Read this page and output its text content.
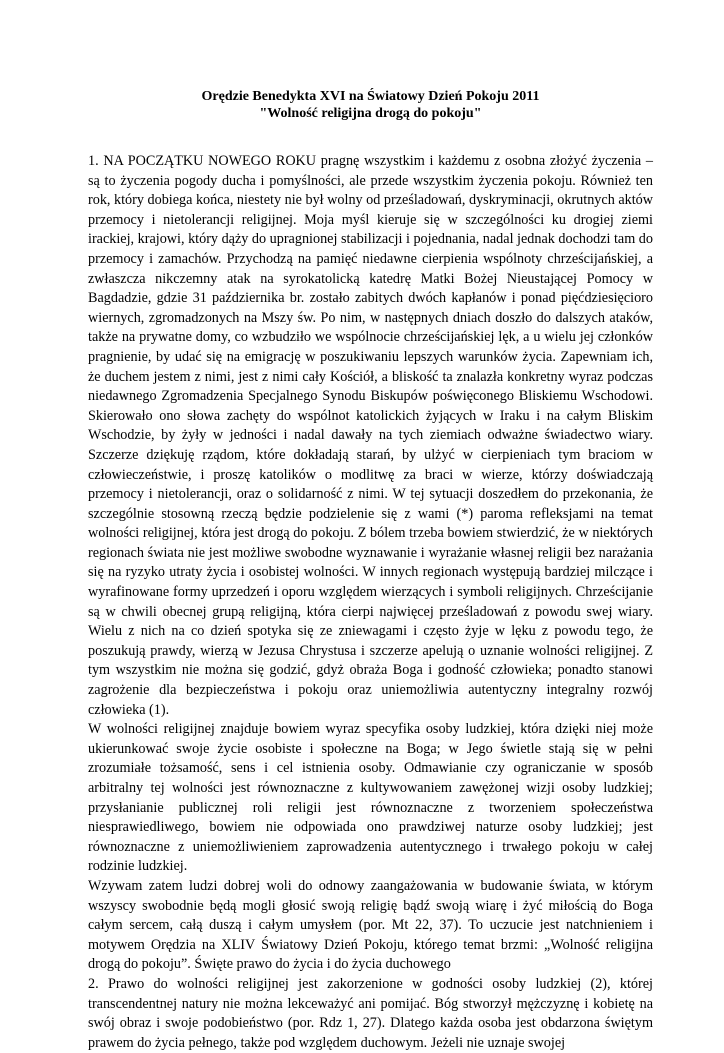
Orędzie Benedykta XVI na Światowy Dzień Pokoju 2011

"Wolność religijna drogą do pokoju"

1. NA POCZĄTKU NOWEGO ROKU pragnę wszystkim i każdemu z osobna złożyć życzenia – są to życzenia pogody ducha i pomyślności, ale przede wszystkim życzenia pokoju. Również ten rok, który dobiega końca, niestety nie był wolny od prześladowań, dyskryminacji, okrutnych aktów przemocy i nietolerancji religijnej. Moja myśl kieruje się w szczególności ku drogiej ziemi irackiej, krajowi, który dąży do upragnionej stabilizacji i pojednania, nadal jednak dochodzi tam do przemocy i zamachów. Przychodzą na pamięć niedawne cierpienia wspólnoty chrześcijańskiej, a zwłaszcza nikczemny atak na syrokatolicką katedrę Matki Bożej Nieustającej Pomocy w Bagdadzie, gdzie 31 października br. zostało zabitych dwóch kapłanów i ponad pięćdziesięcioro wiernych, zgromadzonych na Mszy św. Po nim, w następnych dniach doszło do dalszych ataków, także na prywatne domy, co wzbudziło we wspólnocie chrześcijańskiej lęk, a u wielu jej członków pragnienie, by udać się na emigrację w poszukiwaniu lepszych warunków życia. Zapewniam ich, że duchem jestem z nimi, jest z nimi cały Kościół, a bliskość ta znalazła konkretny wyraz podczas niedawnego Zgromadzenia Specjalnego Synodu Biskupów poświęconego Bliskiemu Wschodowi. Skierowało ono słowa zachęty do wspólnot katolickich żyjących w Iraku i na całym Bliskim Wschodzie, by żyły w jedności i nadal dawały na tych ziemiach odważne świadectwo wiary. Szczerze dziękuję rządom, które dokładają starań, by ulżyć w cierpieniach tym braciom w człowieczeństwie, i proszę katolików o modlitwę za braci w wierze, którzy doświadczają przemocy i nietolerancji, oraz o solidarność z nimi. W tej sytuacji doszedłem do przekonania, że szczególnie stosowną rzeczą będzie podzielenie się z wami (*) paroma refleksjami na temat wolności religijnej, która jest drogą do pokoju. Z bólem trzeba bowiem stwierdzić, że w niektórych regionach świata nie jest możliwe swobodne wyznawanie i wyrażanie własnej religii bez narażania się na ryzyko utraty życia i osobistej wolności. W innych regionach występują bardziej milczące i wyrafinowane formy uprzedzeń i oporu względem wierzących i symboli religijnych. Chrześcijanie są w chwili obecnej grupą religijną, która cierpi najwięcej prześladowań z powodu swej wiary. Wielu z nich na co dzień spotyka się ze zniewagami i często żyje w lęku z powodu tego, że poszukują prawdy, wierzą w Jezusa Chrystusa i szczerze apelują o uznanie wolności religijnej. Z tym wszystkim nie można się godzić, gdyż obraża Boga i godność człowieka; ponadto stanowi zagrożenie dla bezpieczeństwa i pokoju oraz uniemożliwia autentyczny integralny rozwój człowieka (1).

W wolności religijnej znajduje bowiem wyraz specyfika osoby ludzkiej, która dzięki niej może ukierunkować swoje życie osobiste i społeczne na Boga; w Jego świetle stają się w pełni zrozumiałe tożsamość, sens i cel istnienia osoby. Odmawianie czy ograniczanie w sposób arbitralny tej wolności jest równoznaczne z kultywowaniem zawężonej wizji osoby ludzkiej; przysłanianie publicznej roli religii jest równoznaczne z tworzeniem społeczeństwa niesprawiedliwego, bowiem nie odpowiada ono prawdziwej naturze osoby ludzkiej; jest równoznaczne z uniemożliwieniem zaprowadzenia autentycznego i trwałego pokoju w całej rodzinie ludzkiej.

Wzywam zatem ludzi dobrej woli do odnowy zaangażowania w budowanie świata, w którym wszyscy swobodnie będą mogli głosić swoją religię bądź swoją wiarę i żyć miłością do Boga całym sercem, całą duszą i całym umysłem (por. Mt 22, 37). To uczucie jest natchnieniem i motywem Orędzia na XLIV Światowy Dzień Pokoju, którego temat brzmi: „Wolność religijna drogą do pokoju”. Święte prawo do życia i do życia duchowego

2. Prawo do wolności religijnej jest zakorzenione w godności osoby ludzkiej (2), której transcendentnej natury nie można lekceważyć ani pomijać. Bóg stworzył mężczyznę i kobietę na swój obraz i swoje podobieństwo (por. Rdz 1, 27). Dlatego każda osoba jest obdarzona świętym prawem do życia pełnego, także pod względem duchowym. Jeżeli nie uznaje swojej
